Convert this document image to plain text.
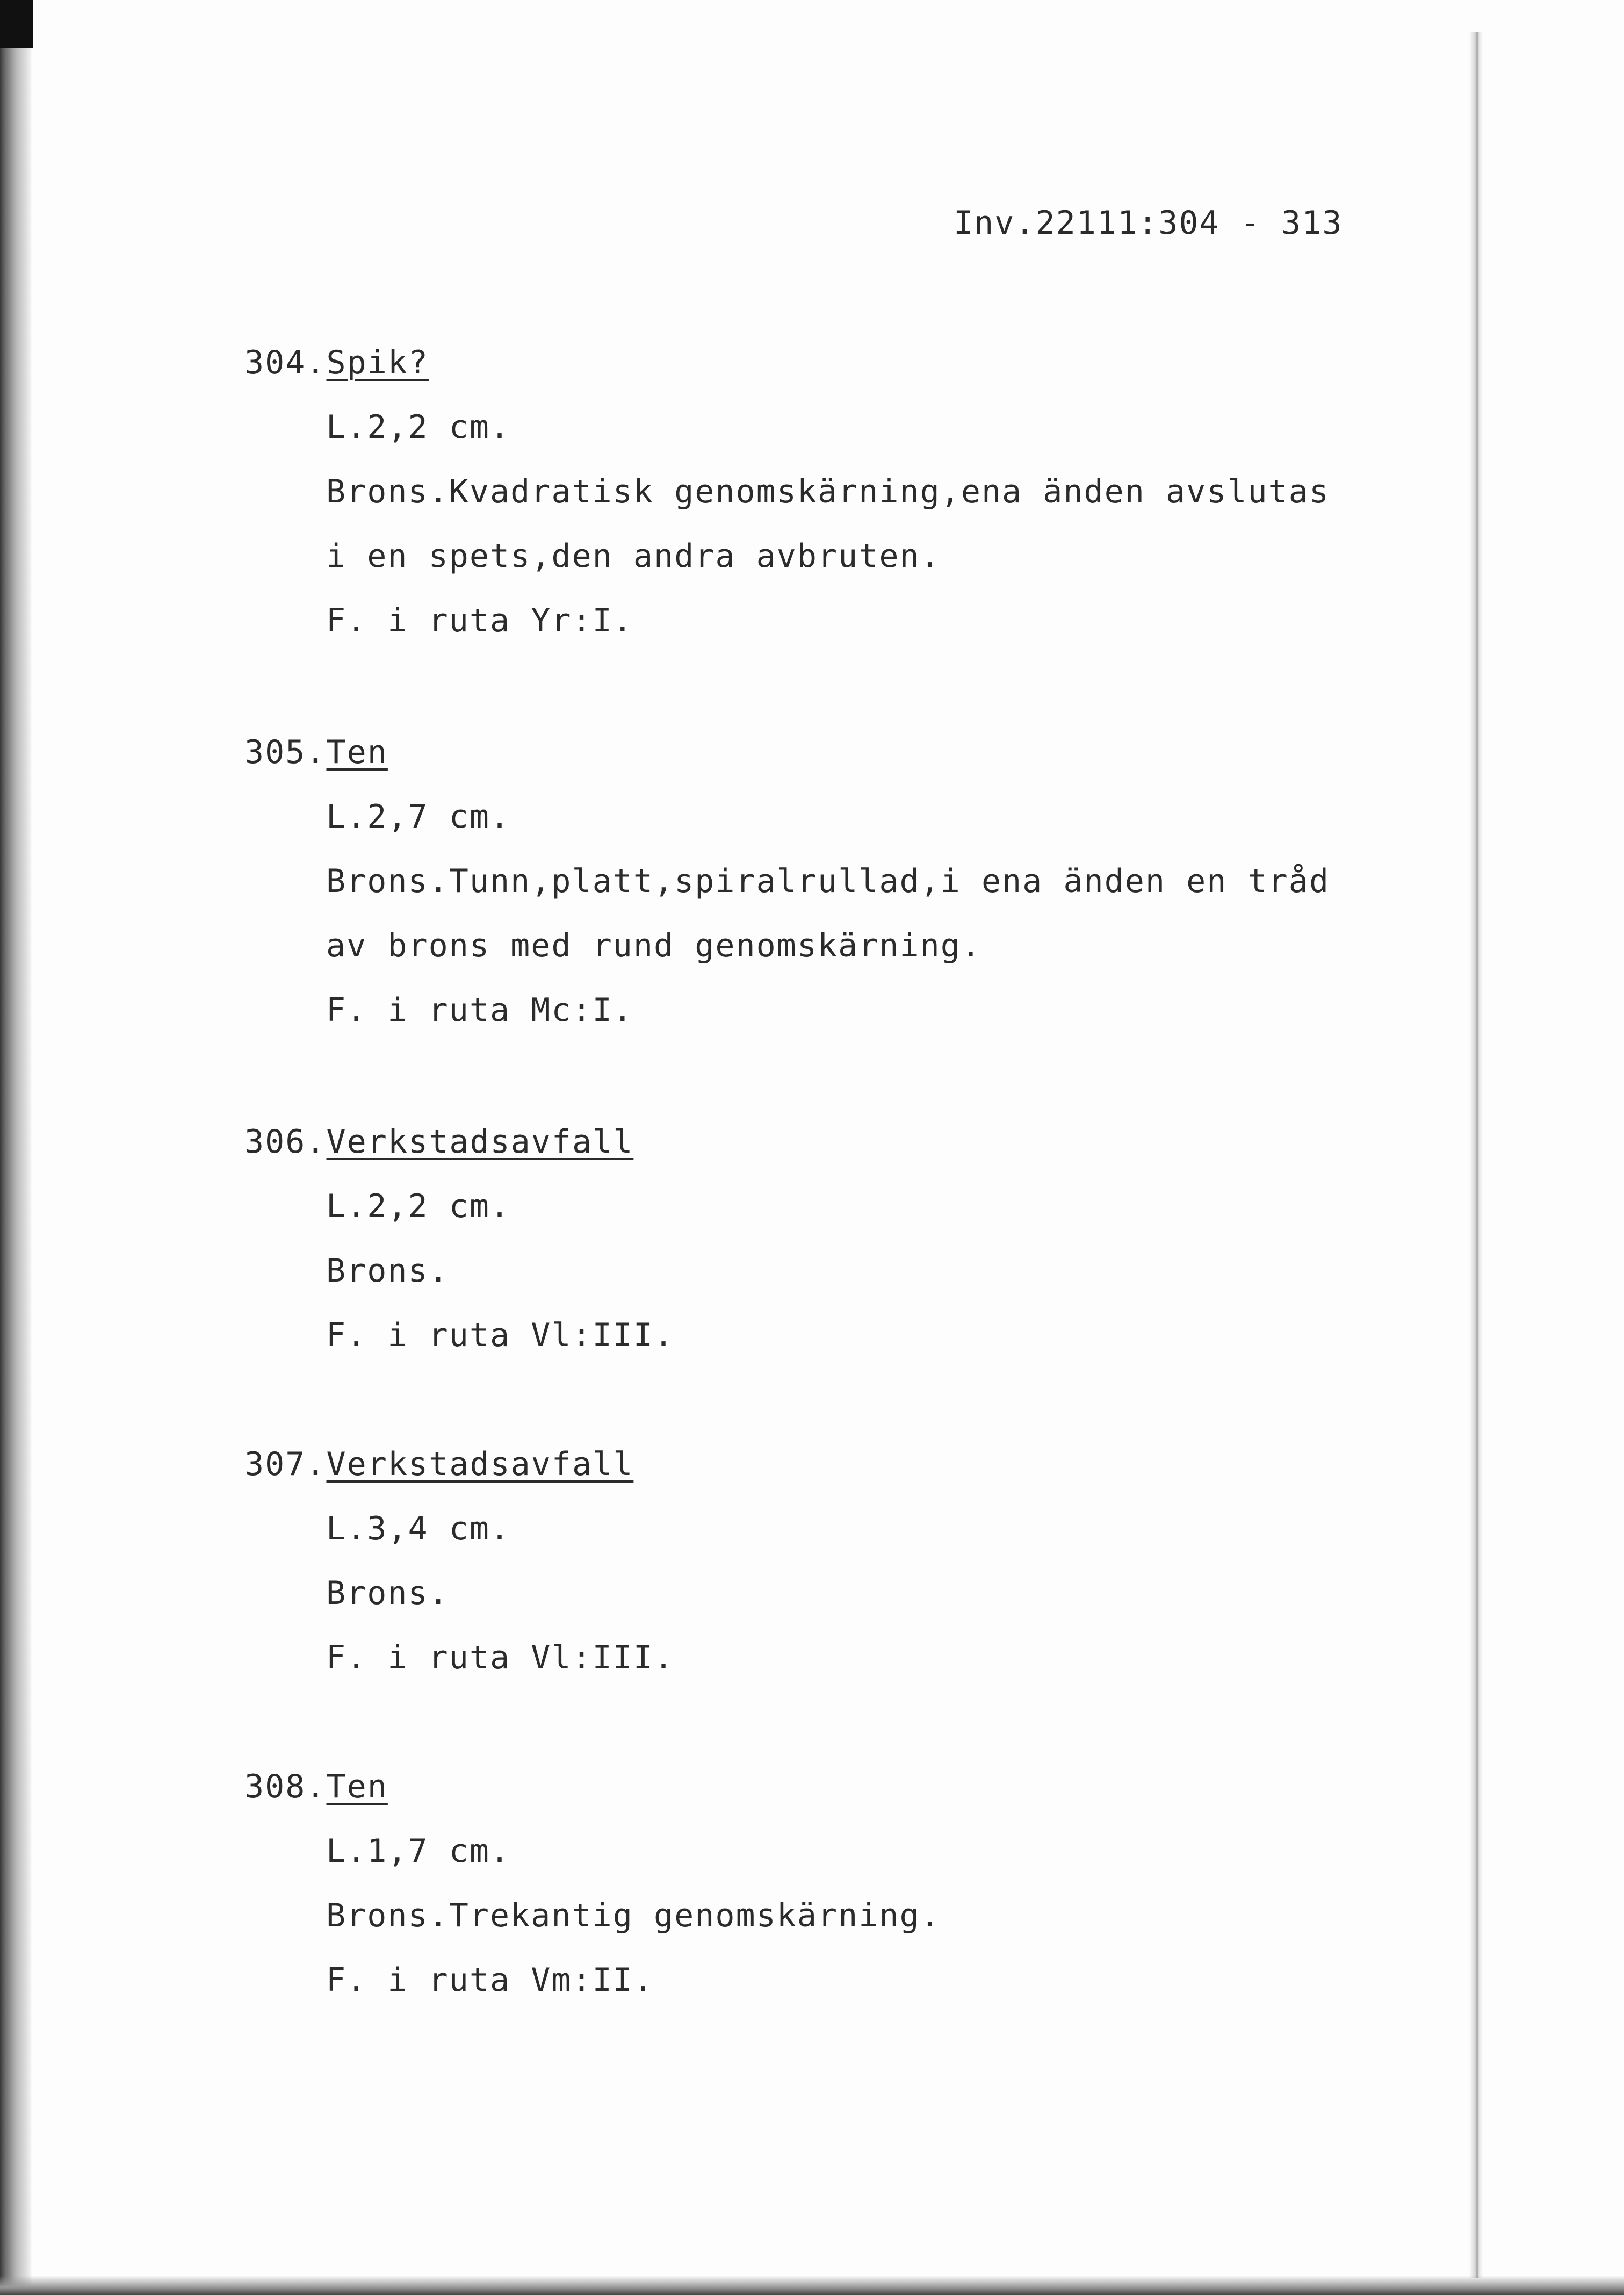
Inv.22111:304 - 313
304.Spik?
L.2,2 cm.
Brons.Kvadratisk genomskärning,ena änden avslutas
i en spets,den andra avbruten.
F. i ruta Yr:I.
305.Ten
L.2,7 cm.
Brons.Tunn,platt,spiralrullad,i ena änden en tråd
av brons med rund genomskärning.
F. i ruta Mc:I.
306.Verkstadsavfall
L.2,2 cm.
Brons.
F. i ruta Vl:III.
307.Verkstadsavfall
L.3,4 cm.
Brons.
F. i ruta Vl:III.
308.Ten
L.1,7 cm.
Brons.Trekantig genomskärning.
F. i ruta Vm:II.
